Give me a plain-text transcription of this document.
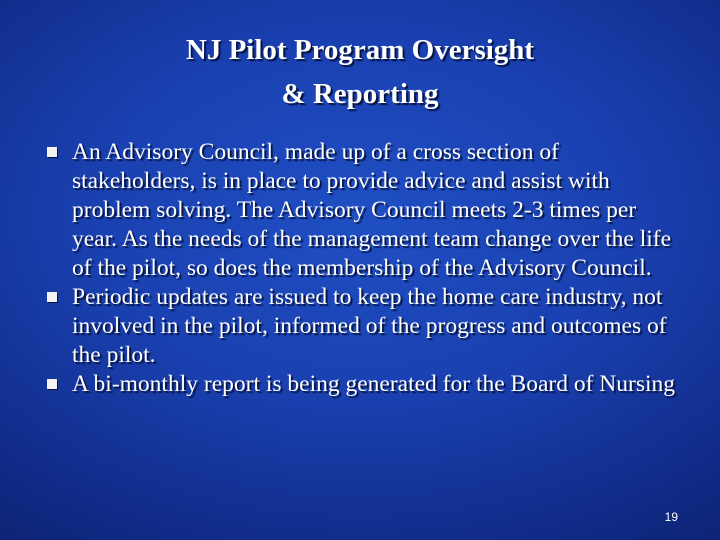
NJ Pilot Program Oversight
& Reporting
An Advisory Council, made up of a cross section of stakeholders, is in place to provide advice and assist with problem solving. The Advisory Council meets 2-3 times per year. As the needs of the management team change over the life of the pilot, so does the membership of the Advisory Council.
Periodic updates are issued to keep the home care industry, not involved in the pilot, informed of the progress and outcomes of the pilot.
A bi-monthly report is being generated for the Board of Nursing
19
